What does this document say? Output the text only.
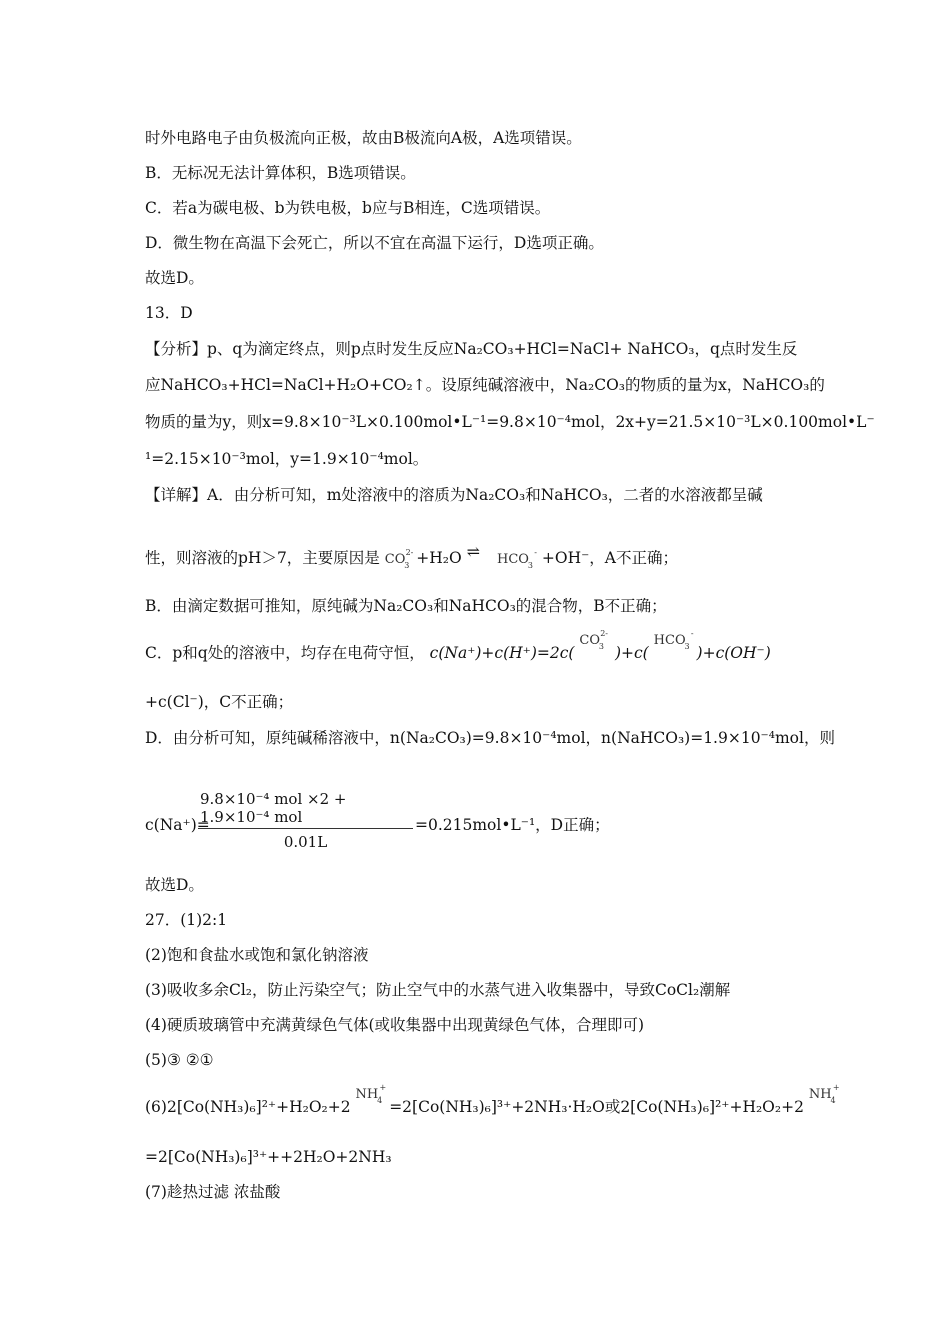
时外电路电子由负极流向正极，故由B极流向A极，A选项错误。
B．无标况无法计算体积，B选项错误。
C．若a为碳电极、b为铁电极，b应与B相连，C选项错误。
D．微生物在高温下会死亡，所以不宜在高温下运行，D选项正确。
故选D。
13．D
【分析】p、q为滴定终点，则p点时发生反应Na₂CO₃+HCl=NaCl+ NaHCO₃，q点时发生反
应NaHCO₃+HCl=NaCl+H₂O+CO₂↑。设原纯碱溶液中，Na₂CO₃的物质的量为x，NaHCO₃的
物质的量为y，则x=9.8×10⁻³L×0.100mol•L⁻¹=9.8×10⁻⁴mol，2x+y=21.5×10⁻³L×0.100mol•L⁻
¹=2.15×10⁻³mol，y=1.9×10⁻⁴mol。
【详解】A．由分析可知，m处溶液中的溶质为Na₂CO₃和NaHCO₃，二者的水溶液都呈碱
性，则溶液的pH＞7，主要原因是 CO 2-
3 +H₂O ⇌ HCO -
3 +OH⁻，A不正确；
B．由滴定数据可推知，原纯碱为Na₂CO₃和NaHCO₃的混合物，B不正确；
C．p和q处的溶液中，均存在电荷守恒， c(Na⁺)+c(H⁺)=2c( CO 2-
3 )+c( HCO -
3 )+c(OH⁻)
+c(Cl⁻)，C不正确；
D．由分析可知，原纯碱稀溶液中，n(Na₂CO₃)=9.8×10⁻⁴mol，n(NaHCO₃)=1.9×10⁻⁴mol，则
9.8×10⁻⁴ mol ×2 + 1.9×10⁻⁴ mol
0.01L
c(Na⁺)=	=0.215mol•L⁻¹，D正确；
故选D。
27．(1)2:1
(2)饱和食盐水或饱和氯化钠溶液
(3)吸收多余Cl₂，防止污染空气；防止空气中的水蒸气进入收集器中，导致CoCl₂潮解
(4)硬质玻璃管中充满黄绿色气体(或收集器中出现黄绿色气体，合理即可)
(5)③ ②①
(6)2[Co(NH₃)₆]²⁺+H₂O₂+2 NH +
4 =2[Co(NH₃)₆]³⁺+2NH₃·H₂O或2[Co(NH₃)₆]²⁺+H₂O₂+2 NH +
4
=2[Co(NH₃)₆]³⁺++2H₂O+2NH₃
(7)趁热过滤 浓盐酸
